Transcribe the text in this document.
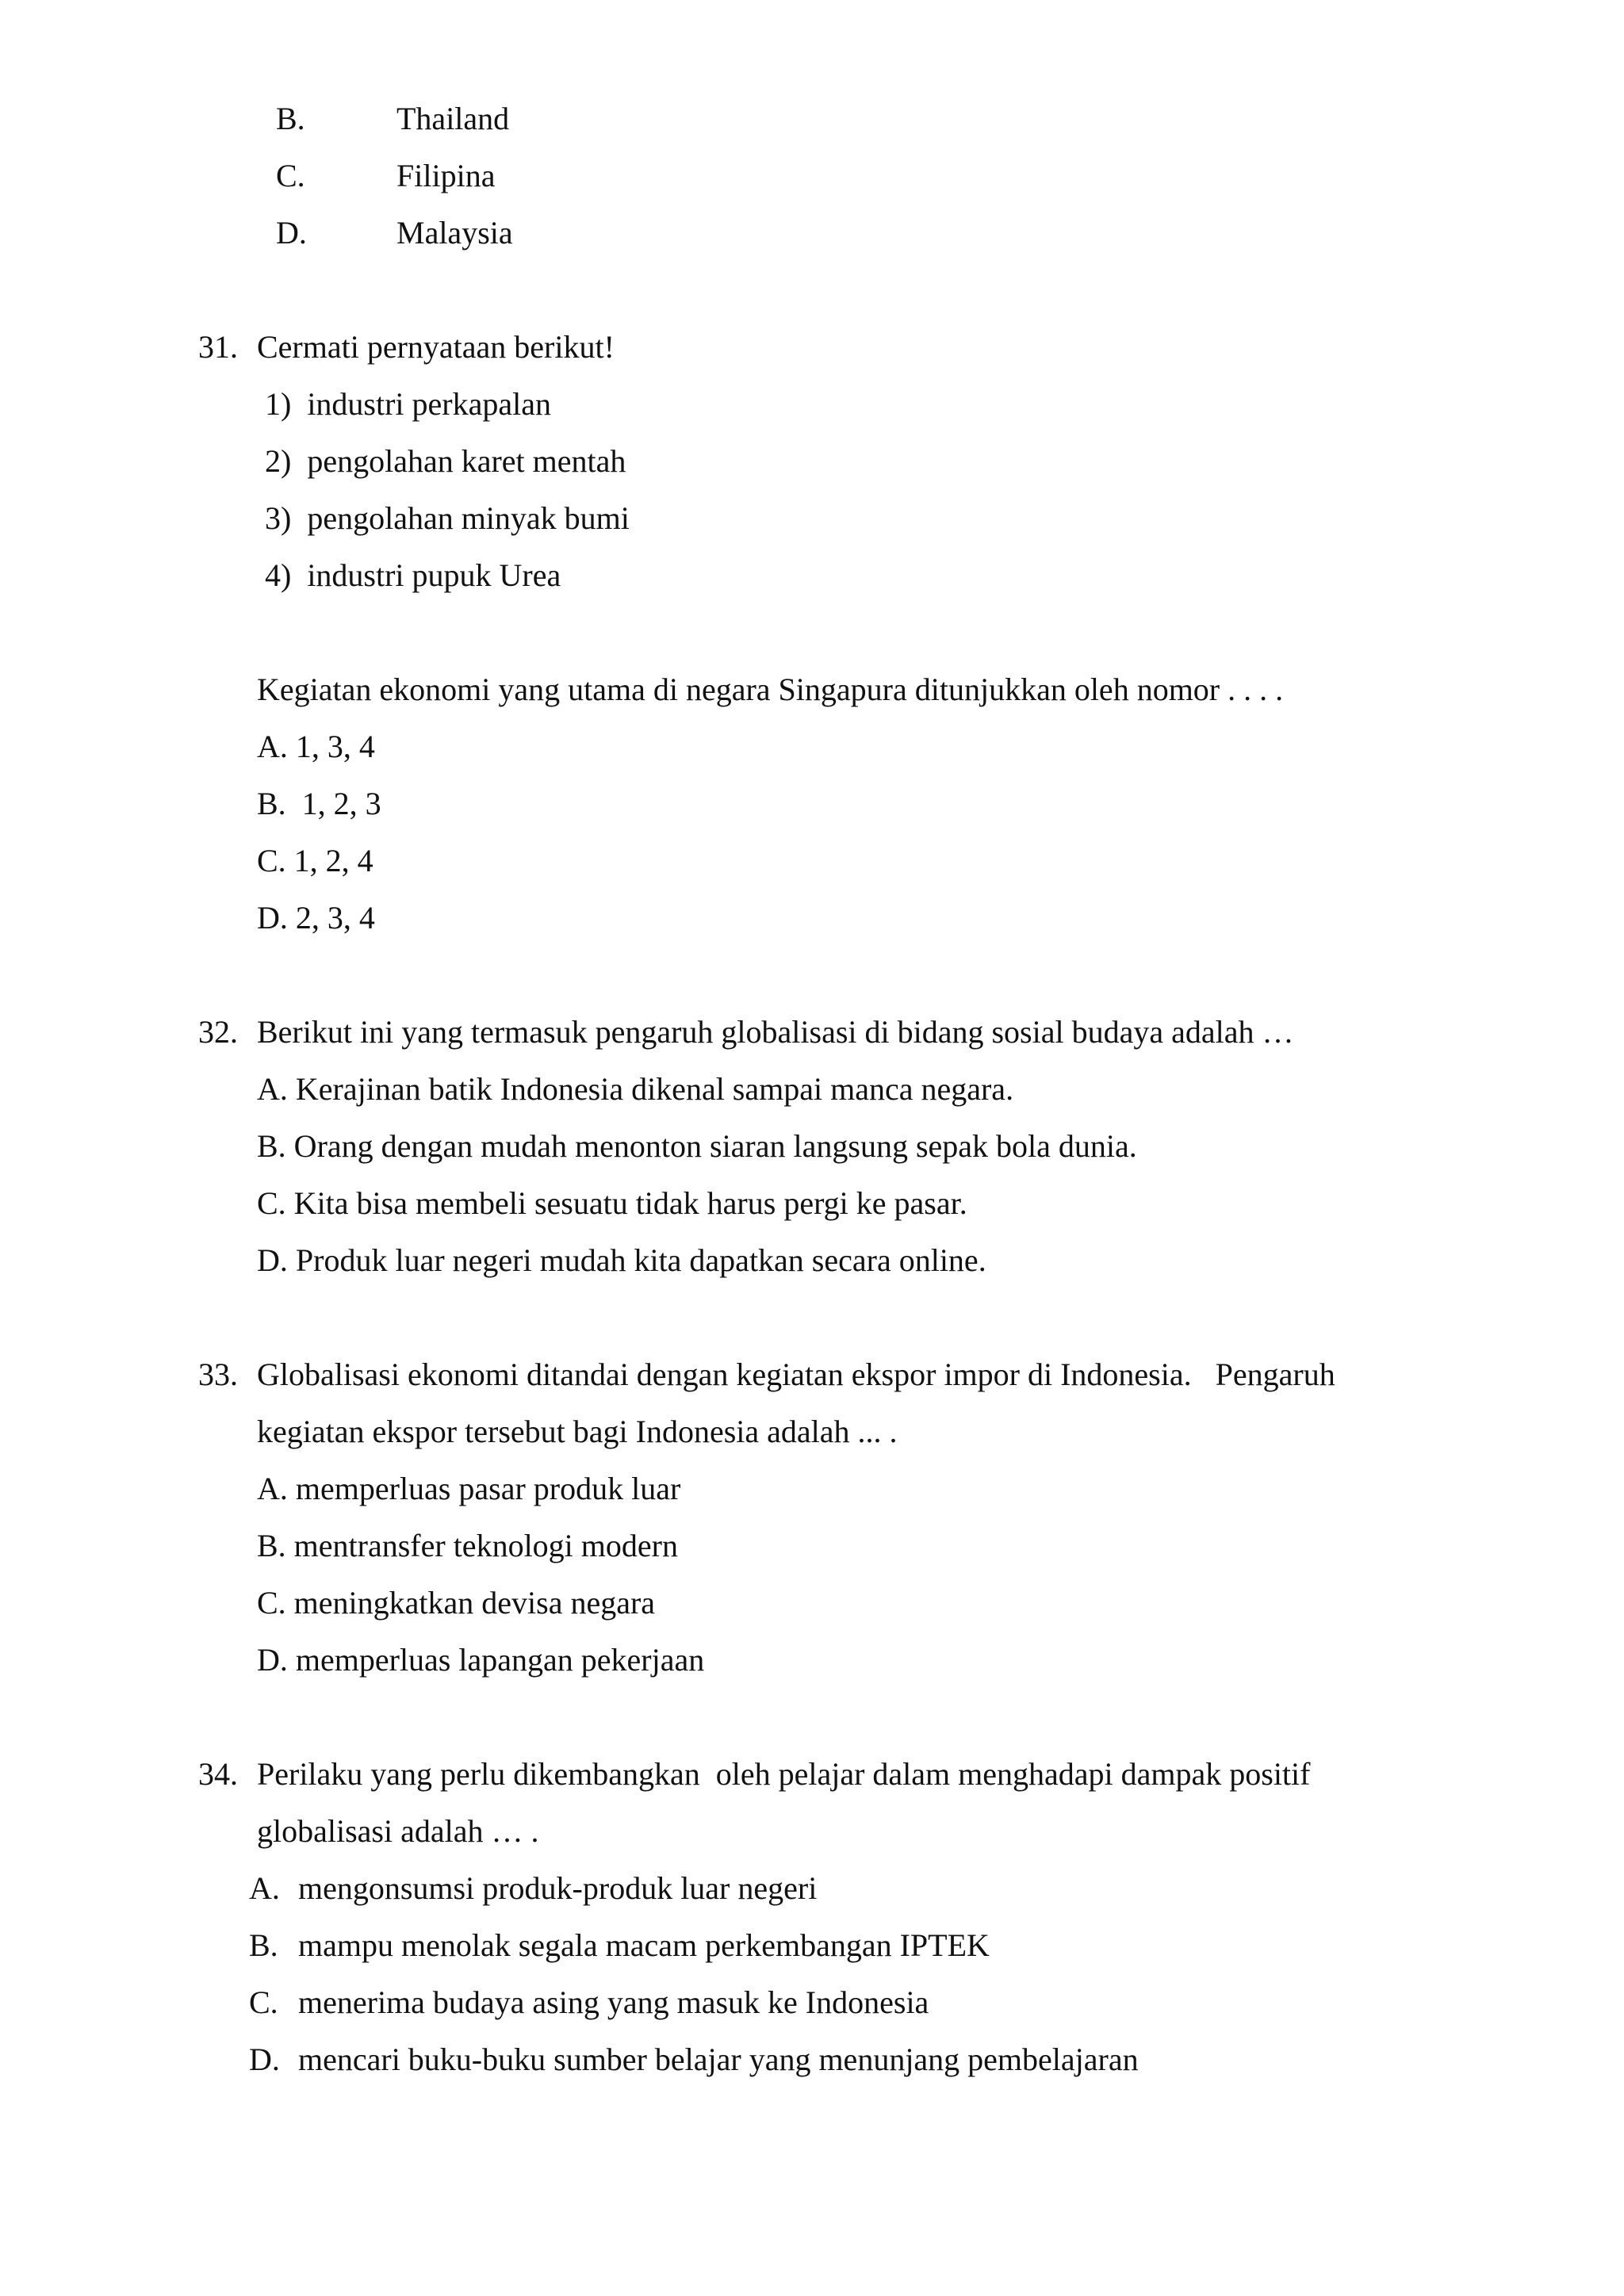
B.	Thailand
C.	Filipina
D.	Malaysia
31. Cermati pernyataan berikut!
1)  industri perkapalan
2)  pengolahan karet mentah
3)  pengolahan minyak bumi
4)  industri pupuk Urea
Kegiatan ekonomi yang utama di negara Singapura ditunjukkan oleh nomor . . . .
A. 1, 3, 4
B.  1, 2, 3
C. 1, 2, 4
D. 2, 3, 4
32. Berikut ini yang termasuk pengaruh globalisasi di bidang sosial budaya adalah …
A. Kerajinan batik Indonesia dikenal sampai manca negara.
B. Orang dengan mudah menonton siaran langsung sepak bola dunia.
C. Kita bisa membeli sesuatu tidak harus pergi ke pasar.
D. Produk luar negeri mudah kita dapatkan secara online.
33. Globalisasi ekonomi ditandai dengan kegiatan ekspor impor di Indonesia.   Pengaruh
kegiatan ekspor tersebut bagi Indonesia adalah ... .
A. memperluas pasar produk luar
B. mentransfer teknologi modern
C. meningkatkan devisa negara
D. memperluas lapangan pekerjaan
34. Perilaku yang perlu dikembangkan  oleh pelajar dalam menghadapi dampak positif
globalisasi adalah … .
A. mengonsumsi produk-produk luar negeri
B. mampu menolak segala macam perkembangan IPTEK
C. menerima budaya asing yang masuk ke Indonesia
D. mencari buku-buku sumber belajar yang menunjang pembelajaran
